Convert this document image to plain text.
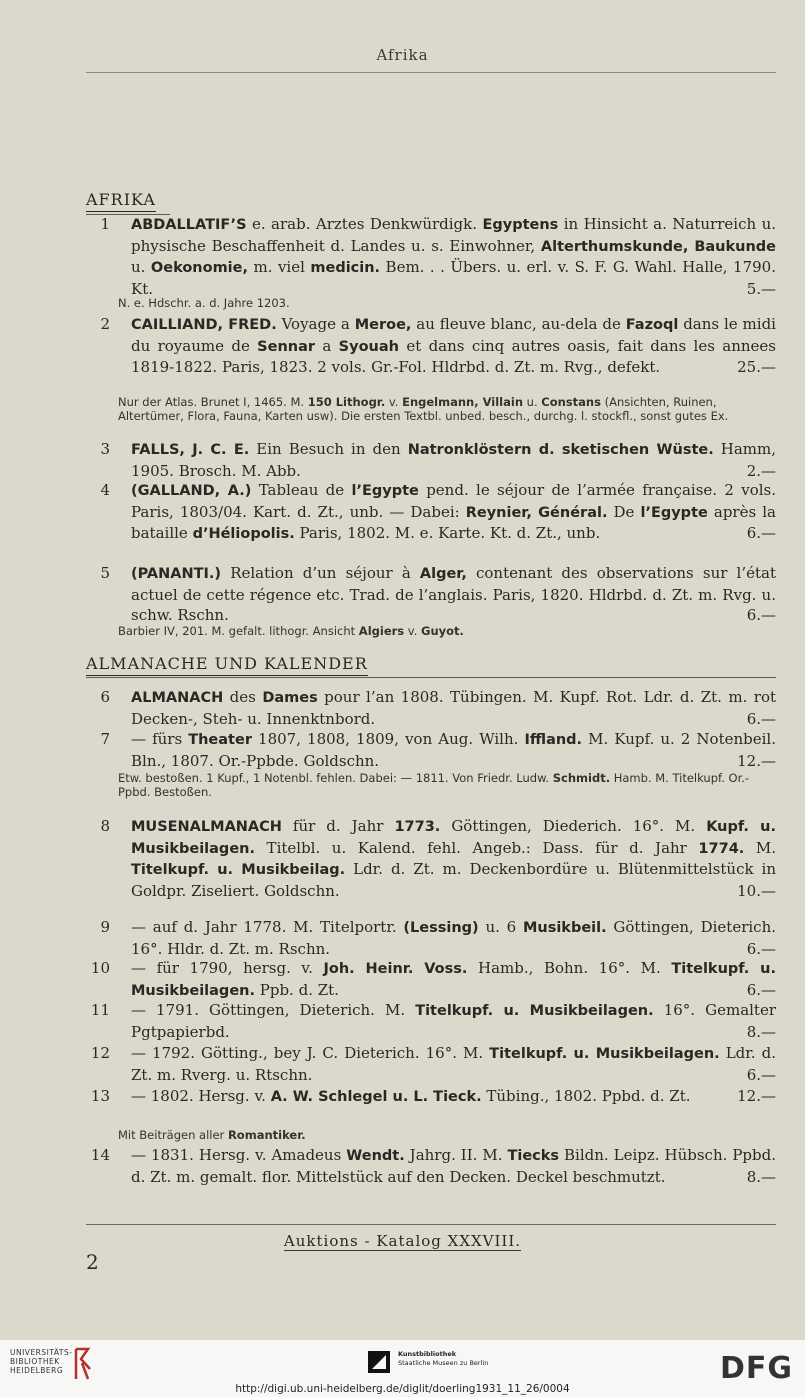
Afrika
AFRIKA
ALMANACHE UND KALENDER
1 ABDALLATIF’S e. arab. Arztes Denkwürdigk. Egyptens in Hinsicht a. Naturreich u. physische Beschaffenheit d. Landes u. s. Einwohner, Alterthumskunde, Baukunde u. Oekonomie, m. viel medicin. Bem. . . Übers. u. erl. v. S. F. G. Wahl. Halle, 1790. Kt.	5.—
2 CAILLIAND, FRED. Voyage a Meroe, au fleuve blanc, au-dela de Fazoql dans le midi du royaume de Sennar a Syouah et dans cinq autres oasis, fait dans les annees 1819-1822. Paris, 1823. 2 vols. Gr.-Fol. Hldrbd. d. Zt. m. Rvg., defekt.	25.—
3 FALLS, J. C. E. Ein Besuch in den Natronklöstern d. sketischen Wüste. Hamm, 1905. Brosch. M. Abb.	2.—
4 (GALLAND, A.) Tableau de l’Egypte pend. le séjour de l’armée française. 2 vols. Paris, 1803/04. Kart. d. Zt., unb. — Dabei: Reynier, Général. De l’Egypte après la bataille d’Héliopolis. Paris, 1802. M. e. Karte. Kt. d. Zt., unb.	6.—
5 (PANANTI.) Relation d’un séjour à Alger, contenant des observations sur l’état actuel de cette régence etc. Trad. de l’anglais. Paris, 1820. Hldrbd. d. Zt. m. Rvg. u. schw. Rschn.	6.—
6 ALMANACH des Dames pour l’an 1808. Tübingen. M. Kupf. Rot. Ldr. d. Zt. m. rot Decken-, Steh- u. Innenktnbord.	6.—
7 — fürs Theater 1807, 1808, 1809, von Aug. Wilh. Iffland. M. Kupf. u. 2 Notenbeil. Bln., 1807. Or.-Ppbde. Goldschn.	12.—
8 MUSENALMANACH für d. Jahr 1773. Göttingen, Diederich. 16°. M. Kupf. u. Musikbeilagen. Titelbl. u. Kalend. fehl. Angeb.: Dass. für d. Jahr 1774. M. Titelkupf. u. Musikbeilag. Ldr. d. Zt. m. Deckenbordüre u. Blütenmittelstück in Goldpr. Ziseliert. Goldschn.	10.—
9 — auf d. Jahr 1778. M. Titelportr. (Lessing) u. 6 Musikbeil. Göttingen, Dieterich. 16°. Hldr. d. Zt. m. Rschn.	6.—
10 — für 1790, hersg. v. Joh. Heinr. Voss. Hamb., Bohn. 16°. M. Titelkupf. u. Musikbeilagen. Ppb. d. Zt.	6.—
11 — 1791. Göttingen, Dieterich. M. Titelkupf. u. Musikbeilagen. 16°. Gemalter Pgtpapierbd.	8.—
12 — 1792. Götting., bey J. C. Dieterich. 16°. M. Titelkupf. u. Musikbeilagen. Ldr. d. Zt. m. Rverg. u. Rtschn.	6.—
13 — 1802. Hersg. v. A. W. Schlegel u. L. Tieck. Tübing., 1802. Ppbd. d. Zt.	12.—
14 — 1831. Hersg. v. Amadeus Wendt. Jahrg. II. M. Tiecks Bildn. Leipz. Hübsch. Ppbd. d. Zt. m. gemalt. flor. Mittelstück auf den Decken. Deckel beschmutzt.	8.—
N. e. Hdschr. a. d. Jahre 1203.
Nur der Atlas. Brunet I, 1465. M. 150 Lithogr. v. Engelmann, Villain u. Constans (Ansichten, Ruinen, Altertümer, Flora, Fauna, Karten usw). Die ersten Textbl. unbed. besch., durchg. l. stockfl., sonst gutes Ex.
Barbier IV, 201. M. gefalt. lithogr. Ansicht Algiers v. Guyot.
Etw. bestoßen. 1 Kupf., 1 Notenbl. fehlen. Dabei: — 1811. Von Friedr. Ludw. Schmidt. Hamb. M. Titelkupf. Or.-Ppbd. Bestoßen.
Mit Beiträgen aller Romantiker.
Auktions - Katalog XXXVIII.
2
UNIVERSITÄTS-
BIBLIOTHEK
HEIDELBERG
Kunstbibliothek
Staatliche Museen zu Berlin	DFG
http://digi.ub.uni-heidelberg.de/diglit/doerling1931_11_26/0004
